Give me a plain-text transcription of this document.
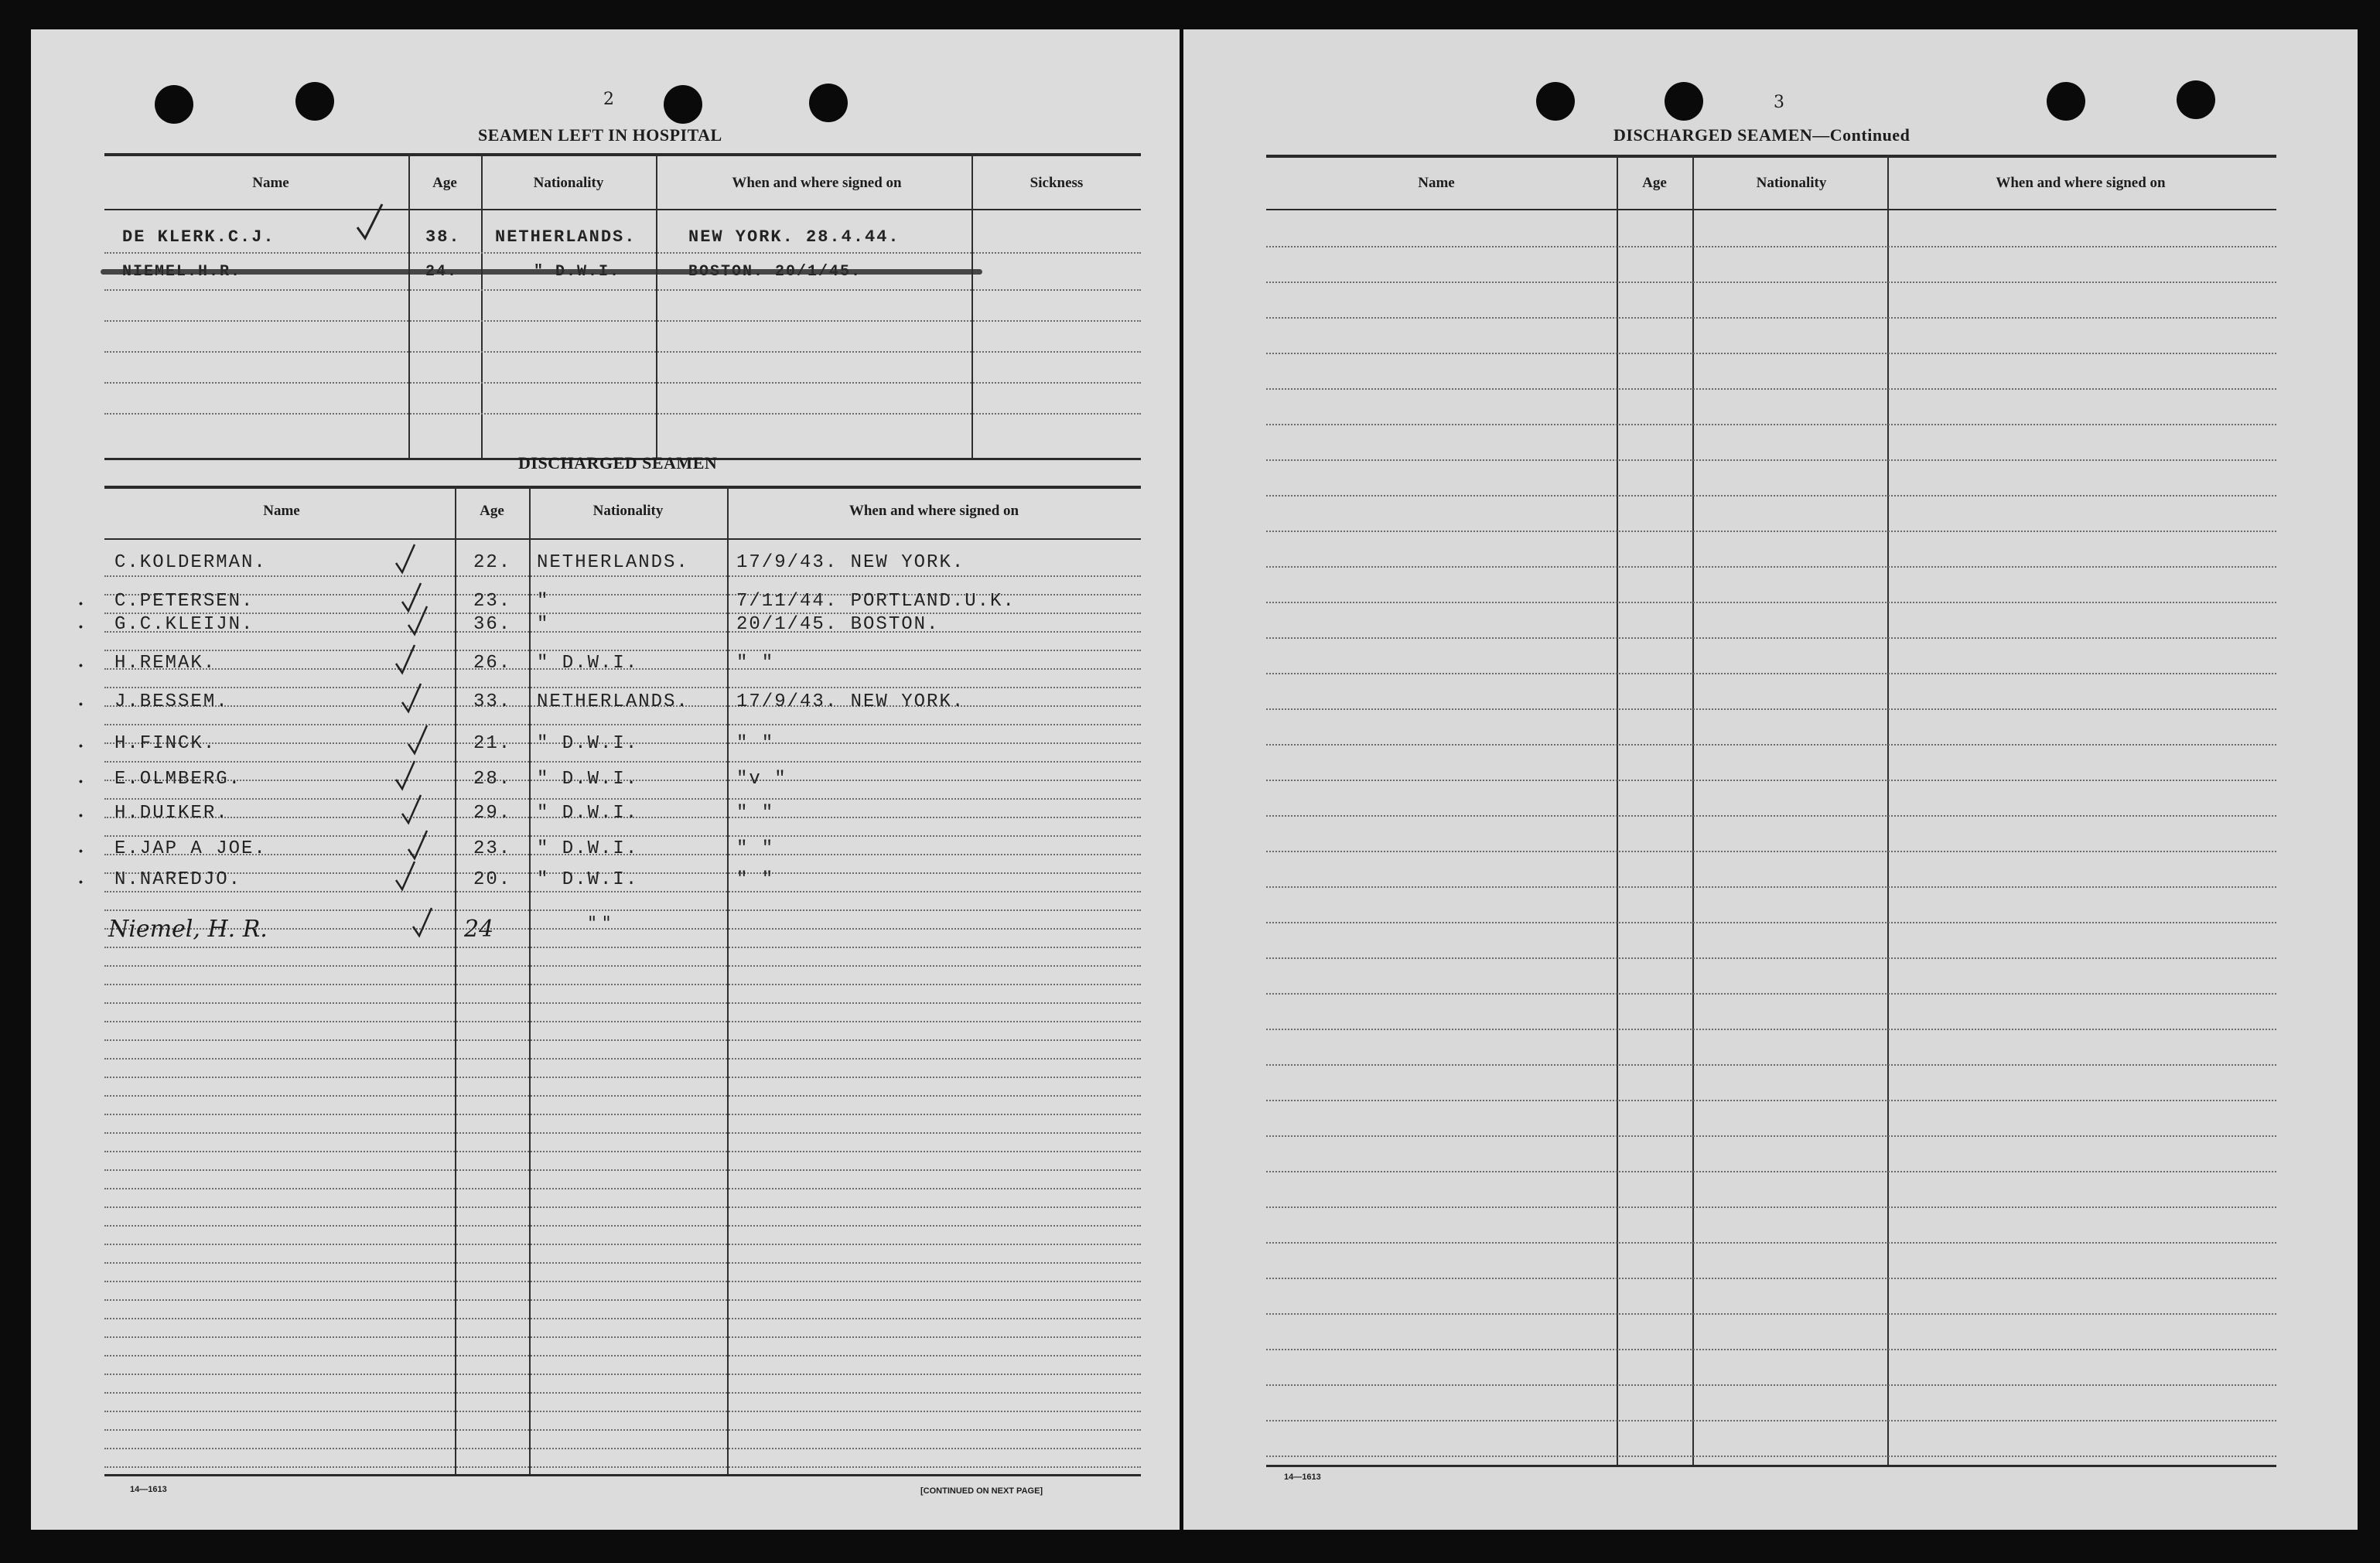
2
SEAMEN LEFT IN HOSPITAL
Name	Age	Nationality	When and where signed on	Sickness
DE KLERK.C.J.	38. NETHERLANDS.	NEW YORK. 28.4.44.
DISCHARGED SEAMEN
Name	Age	Nationality	When and where signed on
C.KOLDERMAN.	22. NETHERLANDS.	17/9/43. NEW YORK.
C.PETERSEN.	23. "	7/11/44. PORTLAND.U.K.
•
G.C.KLEIJN.	36. "	20/1/45. BOSTON.
•
H.REMAK.	26. " D.W.I.	" "
•
J.BESSEM.	33. NETHERLANDS.	17/9/43. NEW YORK.
•
H.FINCK.	21. " D.W.I.	" "
•
E.OLMBERG.	28. " D.W.I.	"v "
•
H.DUIKER.	29. " D.W.I.	" "
•
E.JAP A JOE.	23. " D.W.I.	" "
•
N.NAREDJO.	20. " D.W.I.	" "
•
Niemel, H. R.	24	" "
14—1613	[CONTINUED ON NEXT PAGE]
3
DISCHARGED SEAMEN—Continued
Name	Age	Nationality	When and where signed on
14—1613
